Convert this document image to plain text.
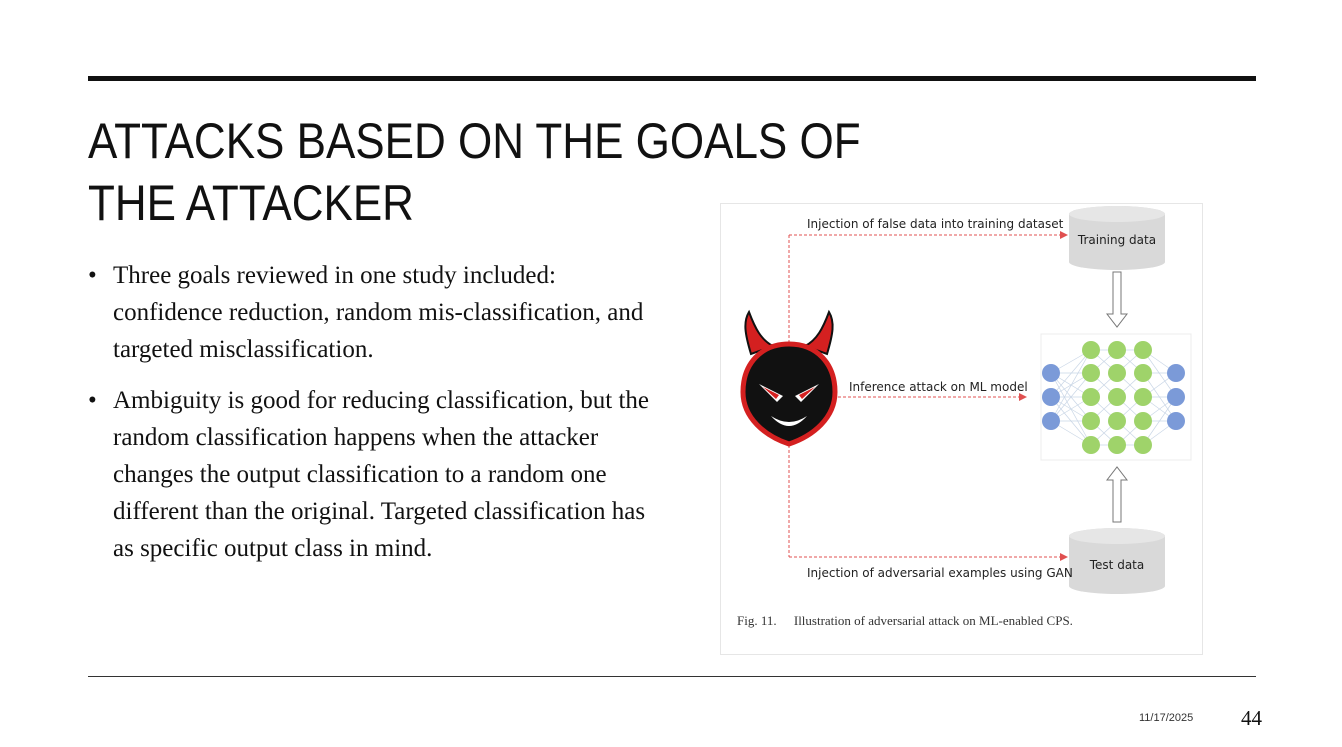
ATTACKS BASED ON THE GOALS OF THE ATTACKER
• Three goals reviewed in one study included: confidence reduction, random mis-classification, and targeted misclassification.
• Ambiguity is good for reducing classification, but the random classification happens when the attacker changes the output classification to a random one different than the original. Targeted classification has as specific output class in mind.
Training data
Test data
Injection of false data into training dataset
Inference attack on ML model
Injection of adversarial examples using GAN
Fig. 11. Illustration of adversarial attack on ML-enabled CPS.
11/17/2025 44
